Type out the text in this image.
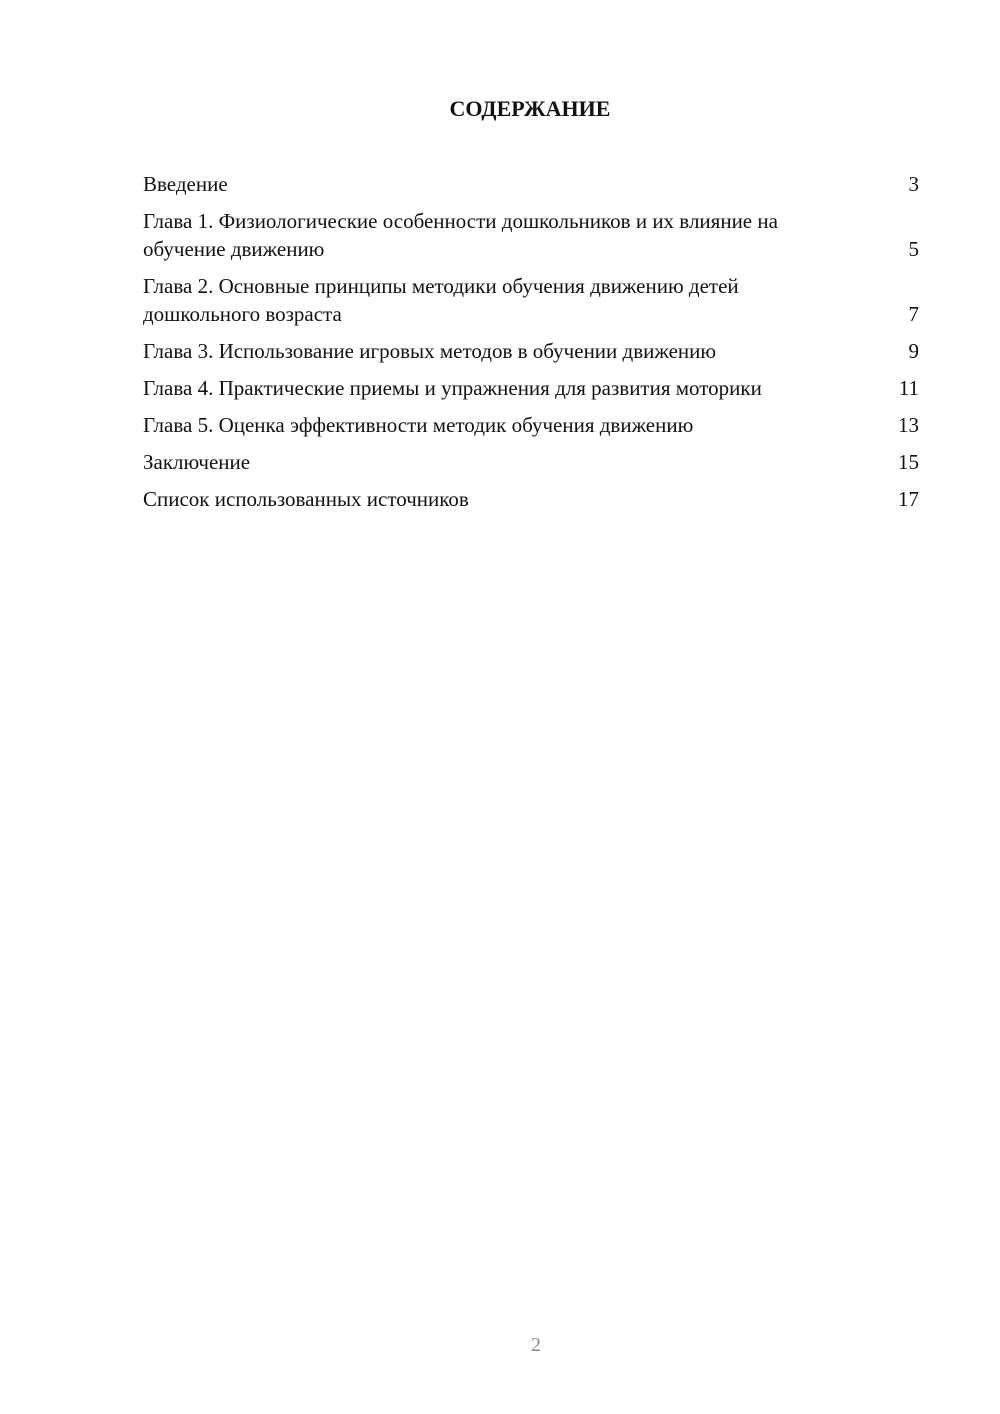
СОДЕРЖАНИЕ
Введение	3
Глава 1. Физиологические особенности дошкольников и их влияние на обучение движению	5
Глава 2. Основные принципы методики обучения движению детей дошкольного возраста	7
Глава 3. Использование игровых методов в обучении движению	9
Глава 4. Практические приемы и упражнения для развития моторики	11
Глава 5. Оценка эффективности методик обучения движению	13
Заключение	15
Список использованных источников	17
2
